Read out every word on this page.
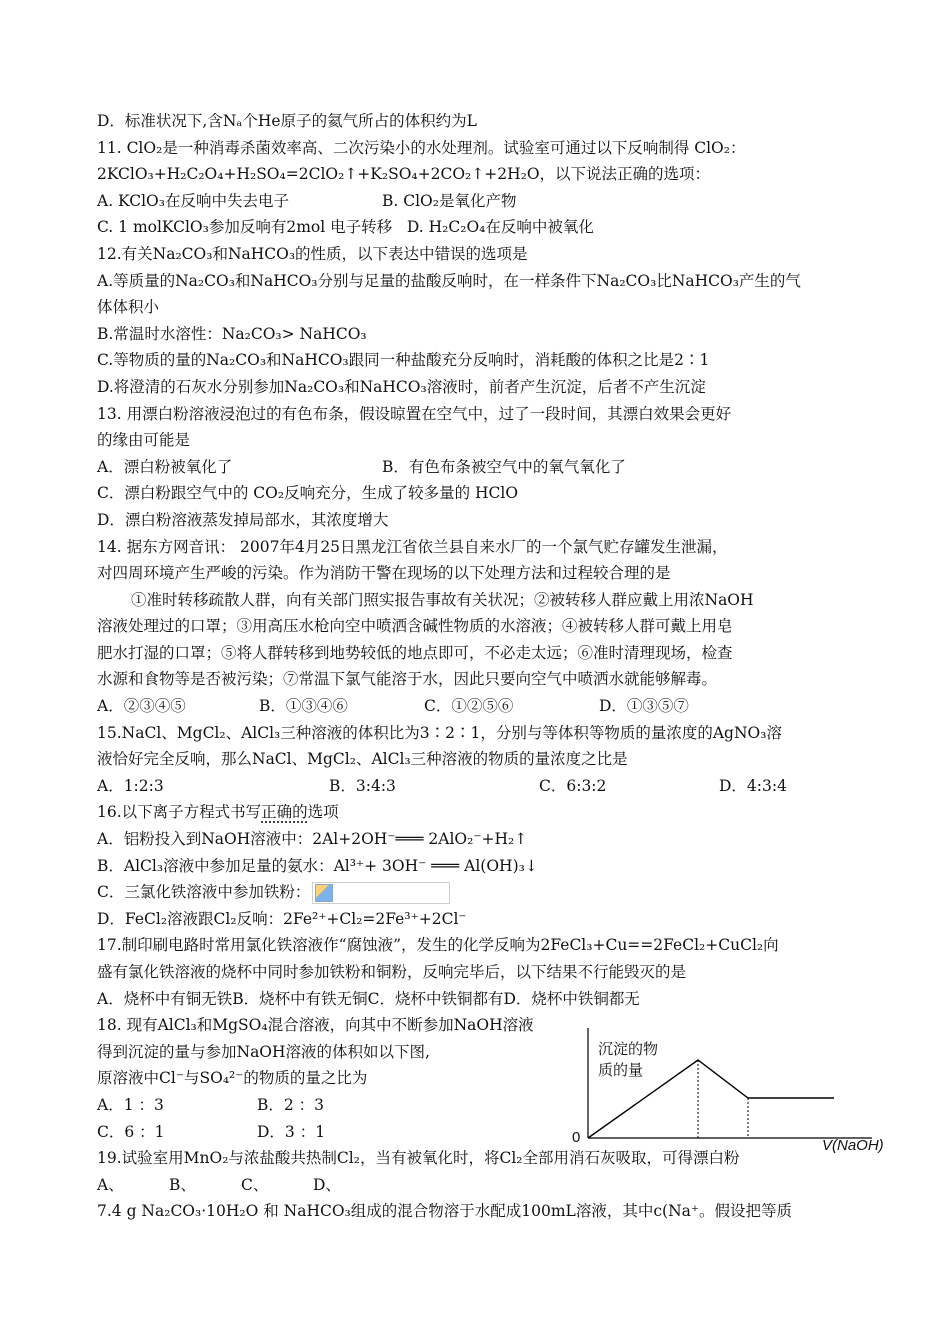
D．标准状况下,含Nₐ个He原子的氦气所占的体积约为L
11. ClO₂是一种消毒杀菌效率高、二次污染小的水处理剂。试验室可通过以下反响制得 ClO₂：
2KClO₃+H₂C₂O₄+H₂SO₄=2ClO₂↑+K₂SO₄+2CO₂↑+2H₂O，以下说法正确的选项：
A. KClO₃在反响中失去电子	B. ClO₂是氧化产物
C. 1 molKClO₃参加反响有2mol 电子转移 D. H₂C₂O₄在反响中被氧化
12.有关Na₂CO₃和NaHCO₃的性质，以下表达中错误的选项是
A.等质量的Na₂CO₃和NaHCO₃分别与足量的盐酸反响时，在一样条件下Na₂CO₃比NaHCO₃产生的气
体体积小
B.常温时水溶性：Na₂CO₃> NaHCO₃
C.等物质的量的Na₂CO₃和NaHCO₃跟同一种盐酸充分反响时，消耗酸的体积之比是2∶1
D.将澄清的石灰水分别参加Na₂CO₃和NaHCO₃溶液时，前者产生沉淀，后者不产生沉淀
13. 用漂白粉溶液浸泡过的有色布条，假设晾置在空气中，过了一段时间，其漂白效果会更好
的缘由可能是
A．漂白粉被氧化了	B．有色布条被空气中的氧气氧化了
C．漂白粉跟空气中的 CO₂反响充分，生成了较多量的 HClO
D．漂白粉溶液蒸发掉局部水，其浓度增大
14. 据东方网音讯： 2007年4月25日黑龙江省依兰县自来水厂的一个氯气贮存罐发生泄漏，
对四周环境产生严峻的污染。作为消防干警在现场的以下处理方法和过程较合理的是
①准时转移疏散人群，向有关部门照实报告事故有关状况；②被转移人群应戴上用浓NaOH
溶液处理过的口罩；③用高压水枪向空中喷洒含碱性物质的水溶液；④被转移人群可戴上用皂
肥水打湿的口罩；⑤将人群转移到地势较低的地点即可，不必走太远；⑥准时清理现场，检查
水源和食物等是否被污染；⑦常温下氯气能溶于水，因此只要向空气中喷洒水就能够解毒。
A．②③④⑤	B．①③④⑥	C．①②⑤⑥	D．①③⑤⑦
15.NaCl、MgCl₂、AlCl₃三种溶液的体积比为3∶2∶1，分别与等体积等物质的量浓度的AgNO₃溶
液恰好完全反响，那么NaCl、MgCl₂、AlCl₃三种溶液的物质的量浓度之比是
A．1:2:3	B．3:4:3	C．6:3:2	D．4:3:4
16.以下离子方程式书写正确的选项
A．铝粉投入到NaOH溶液中：2Al+2OH⁻═══ 2AlO₂⁻+H₂↑
B．AlCl₃溶液中参加足量的氨水：Al³⁺+ 3OH⁻ ═══ Al(OH)₃↓
C．三氯化铁溶液中参加铁粉：
D．FeCl₂溶液跟Cl₂反响：2Fe²⁺+Cl₂=2Fe³⁺+2Cl⁻
17.制印刷电路时常用氯化铁溶液作“腐蚀液”，发生的化学反响为2FeCl₃+Cu==2FeCl₂+CuCl₂向
盛有氯化铁溶液的烧杯中同时参加铁粉和铜粉，反响完毕后，以下结果不行能毁灭的是
A．烧杯中有铜无铁B．烧杯中有铁无铜C．烧杯中铁铜都有D．烧杯中铁铜都无
18. 现有AlCl₃和MgSO₄混合溶液，向其中不断参加NaOH溶液
得到沉淀的量与参加NaOH溶液的体积如以下图,
原溶液中Cl⁻与SO₄²⁻的物质的量之比为
A．1 ：3	B．2 ：3
C．6 ：1	D．3 ：1
19.试验室用MnO₂与浓盐酸共热制Cl₂，当有被氧化时，将Cl₂全部用消石灰吸取，可得漂白粉
A、	B、	C、	D、
7.4 g Na₂CO₃·10H₂O 和 NaHCO₃组成的混合物溶于水配成100mL溶液，其中c(Na⁺。假设把等质
沉淀的物
质的量
0	V(NaOH)
